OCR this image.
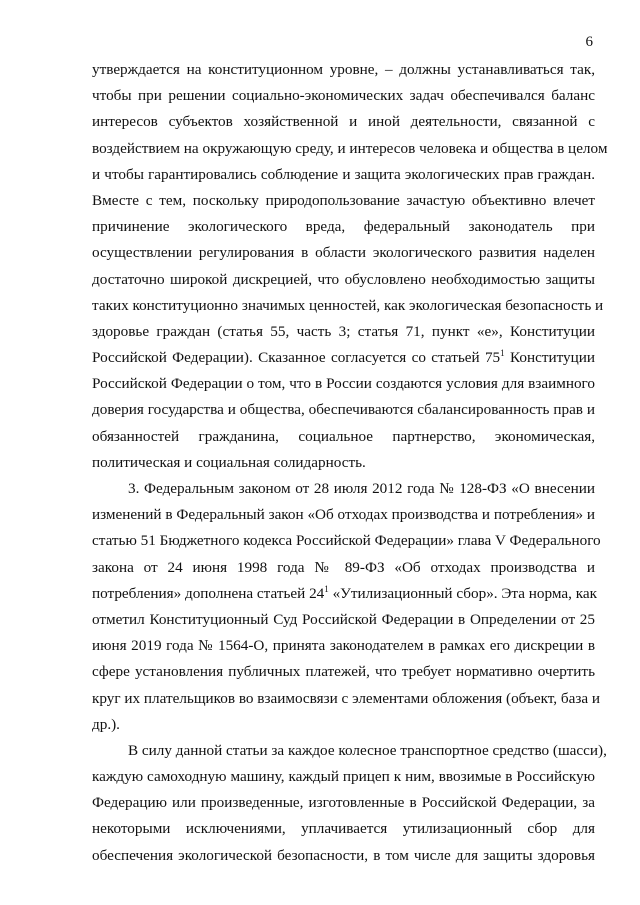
6
утверждается на конституционном уровне, – должны устанавливаться так,
чтобы при решении социально-экономических задач обеспечивался баланс
интересов субъектов хозяйственной и иной деятельности, связанной с
воздействием на окружающую среду, и интересов человека и общества в целом
и чтобы гарантировались соблюдение и защита экологических прав граждан.
Вместе с тем, поскольку природопользование зачастую объективно влечет
причинение экологического вреда, федеральный законодатель при
осуществлении регулирования в области экологического развития наделен
достаточно широкой дискрецией, что обусловлено необходимостью защиты
таких конституционно значимых ценностей, как экологическая безопасность и
здоровье граждан (статья 55, часть 3; статья 71, пункт «е», Конституции
Российской Федерации). Сказанное согласуется со статьей $75^1$ Конституции
Российской Федерации о том, что в России создаются условия для взаимного
доверия государства и общества, обеспечиваются сбалансированность прав и
обязанностей гражданина, социальное партнерство, экономическая,
политическая и социальная солидарность.
3. Федеральным законом от 28 июля 2012 года № 128-ФЗ «О внесении
изменений в Федеральный закон «Об отходах производства и потребления» и
статью 51 Бюджетного кодекса Российской Федерации» глава V Федерального
закона от 24 июня 1998 года № 89-ФЗ «Об отходах производства и
потребления» дополнена статьей $24^1$ «Утилизационный сбор». Эта норма, как
отметил Конституционный Суд Российской Федерации в Определении от 25
июня 2019 года № 1564-О, принята законодателем в рамках его дискреции в
сфере установления публичных платежей, что требует нормативно очертить
круг их плательщиков во взаимосвязи с элементами обложения (объект, база и
др.).
В силу данной статьи за каждое колесное транспортное средство (шасси),
каждую самоходную машину, каждый прицеп к ним, ввозимые в Российскую
Федерацию или произведенные, изготовленные в Российской Федерации, за
некоторыми исключениями, уплачивается утилизационный сбор для
обеспечения экологической безопасности, в том числе для защиты здоровья
